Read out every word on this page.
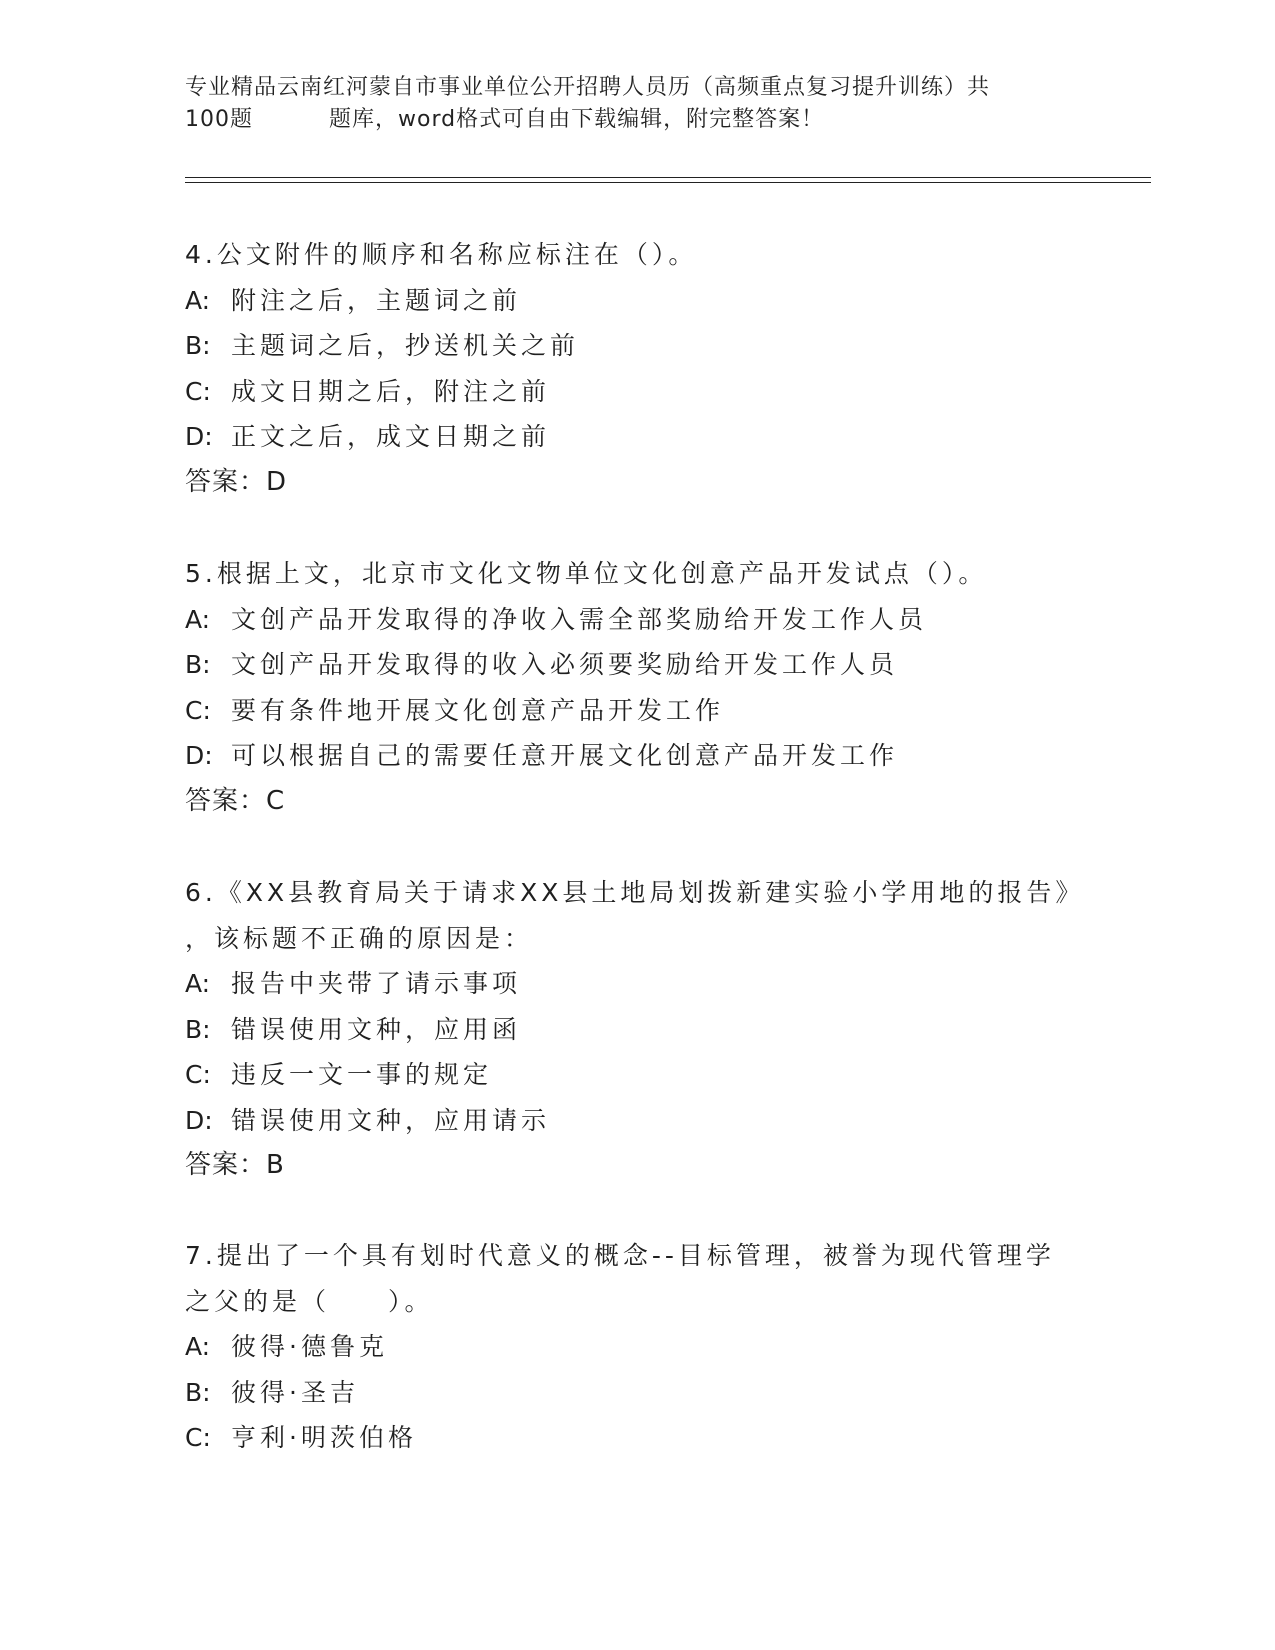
专业精品云南红河蒙自市事业单位公开招聘人员历（高频重点复习提升训练）共
100题	题库，word格式可自由下载编辑，附完整答案！
4.公文附件的顺序和名称应标注在（）。
A: 附注之后，主题词之前
B: 主题词之后，抄送机关之前
C: 成文日期之后，附注之前
D: 正文之后，成文日期之前
答案：D
5.根据上文，北京市文化文物单位文化创意产品开发试点（）。
A: 文创产品开发取得的净收入需全部奖励给开发工作人员
B: 文创产品开发取得的收入必须要奖励给开发工作人员
C: 要有条件地开展文化创意产品开发工作
D: 可以根据自己的需要任意开展文化创意产品开发工作
答案：C
6.《XX县教育局关于请求XX县土地局划拨新建实验小学用地的报告》
，该标题不正确的原因是：
A: 报告中夹带了请示事项
B: 错误使用文种，应用函
C: 违反一文一事的规定
D: 错误使用文种，应用请示
答案：B
7.提出了一个具有划时代意义的概念--目标管理，被誉为现代管理学
之父的是（　　）。
A: 彼得·德鲁克
B: 彼得·圣吉
C: 亨利·明茨伯格
